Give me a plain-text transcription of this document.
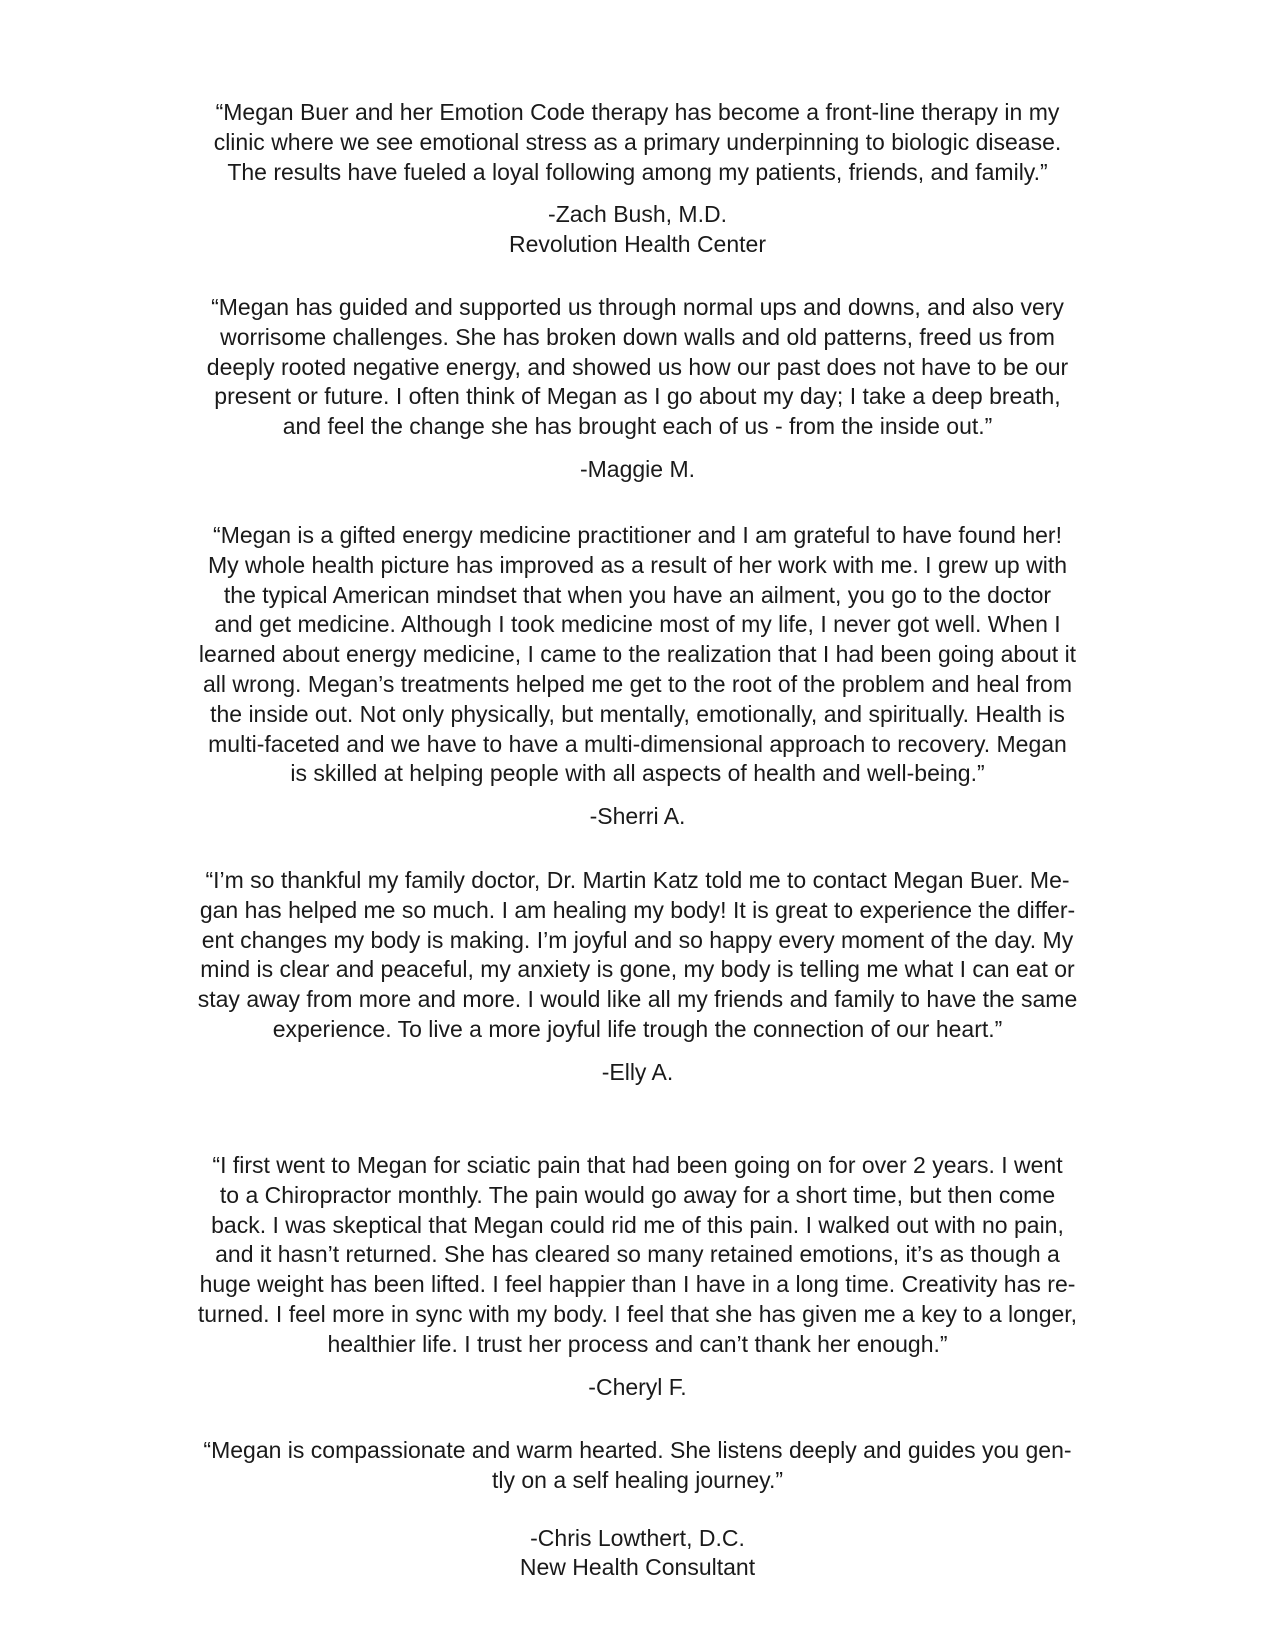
“Megan Buer and her Emotion Code therapy has become a front-line therapy in my
clinic where we see emotional stress as a primary underpinning to biologic disease.
The results have fueled a loyal following among my patients, friends, and family.”
-Zach Bush, M.D.
Revolution Health Center
“Megan has guided and supported us through normal ups and downs, and also very
worrisome challenges. She has broken down walls and old patterns, freed us from
deeply rooted negative energy, and showed us how our past does not have to be our
present or future. I often think of Megan as I go about my day; I take a deep breath,
and feel the change she has brought each of us - from the inside out.”
-Maggie M.
“Megan is a gifted energy medicine practitioner and I am grateful to have found her!
My whole health picture has improved as a result of her work with me. I grew up with
the typical American mindset that when you have an ailment, you go to the doctor
and get medicine. Although I took medicine most of my life, I never got well. When I
learned about energy medicine, I came to the realization that I had been going about it
all wrong. Megan’s treatments helped me get to the root of the problem and heal from
the inside out. Not only physically, but mentally, emotionally, and spiritually. Health is
multi-faceted and we have to have a multi-dimensional approach to recovery. Megan
is skilled at helping people with all aspects of health and well-being.”
-Sherri A.
“I’m so thankful my family doctor, Dr. Martin Katz told me to contact Megan Buer. Me-
gan has helped me so much. I am healing my body! It is great to experience the differ-
ent changes my body is making. I’m joyful and so happy every moment of the day. My
mind is clear and peaceful, my anxiety is gone, my body is telling me what I can eat or
stay away from more and more. I would like all my friends and family to have the same
experience. To live a more joyful life trough the connection of our heart.”
-Elly A.
“I first went to Megan for sciatic pain that had been going on for over 2 years. I went
to a Chiropractor monthly. The pain would go away for a short time, but then come
back. I was skeptical that Megan could rid me of this pain. I walked out with no pain,
and it hasn’t returned. She has cleared so many retained emotions, it’s as though a
huge weight has been lifted. I feel happier than I have in a long time. Creativity has re-
turned. I feel more in sync with my body. I feel that she has given me a key to a longer,
healthier life. I trust her process and can’t thank her enough.”
-Cheryl F.
“Megan is compassionate and warm hearted. She listens deeply and guides you gen-
tly on a self healing journey.”
-Chris Lowthert, D.C.
New Health Consultant
